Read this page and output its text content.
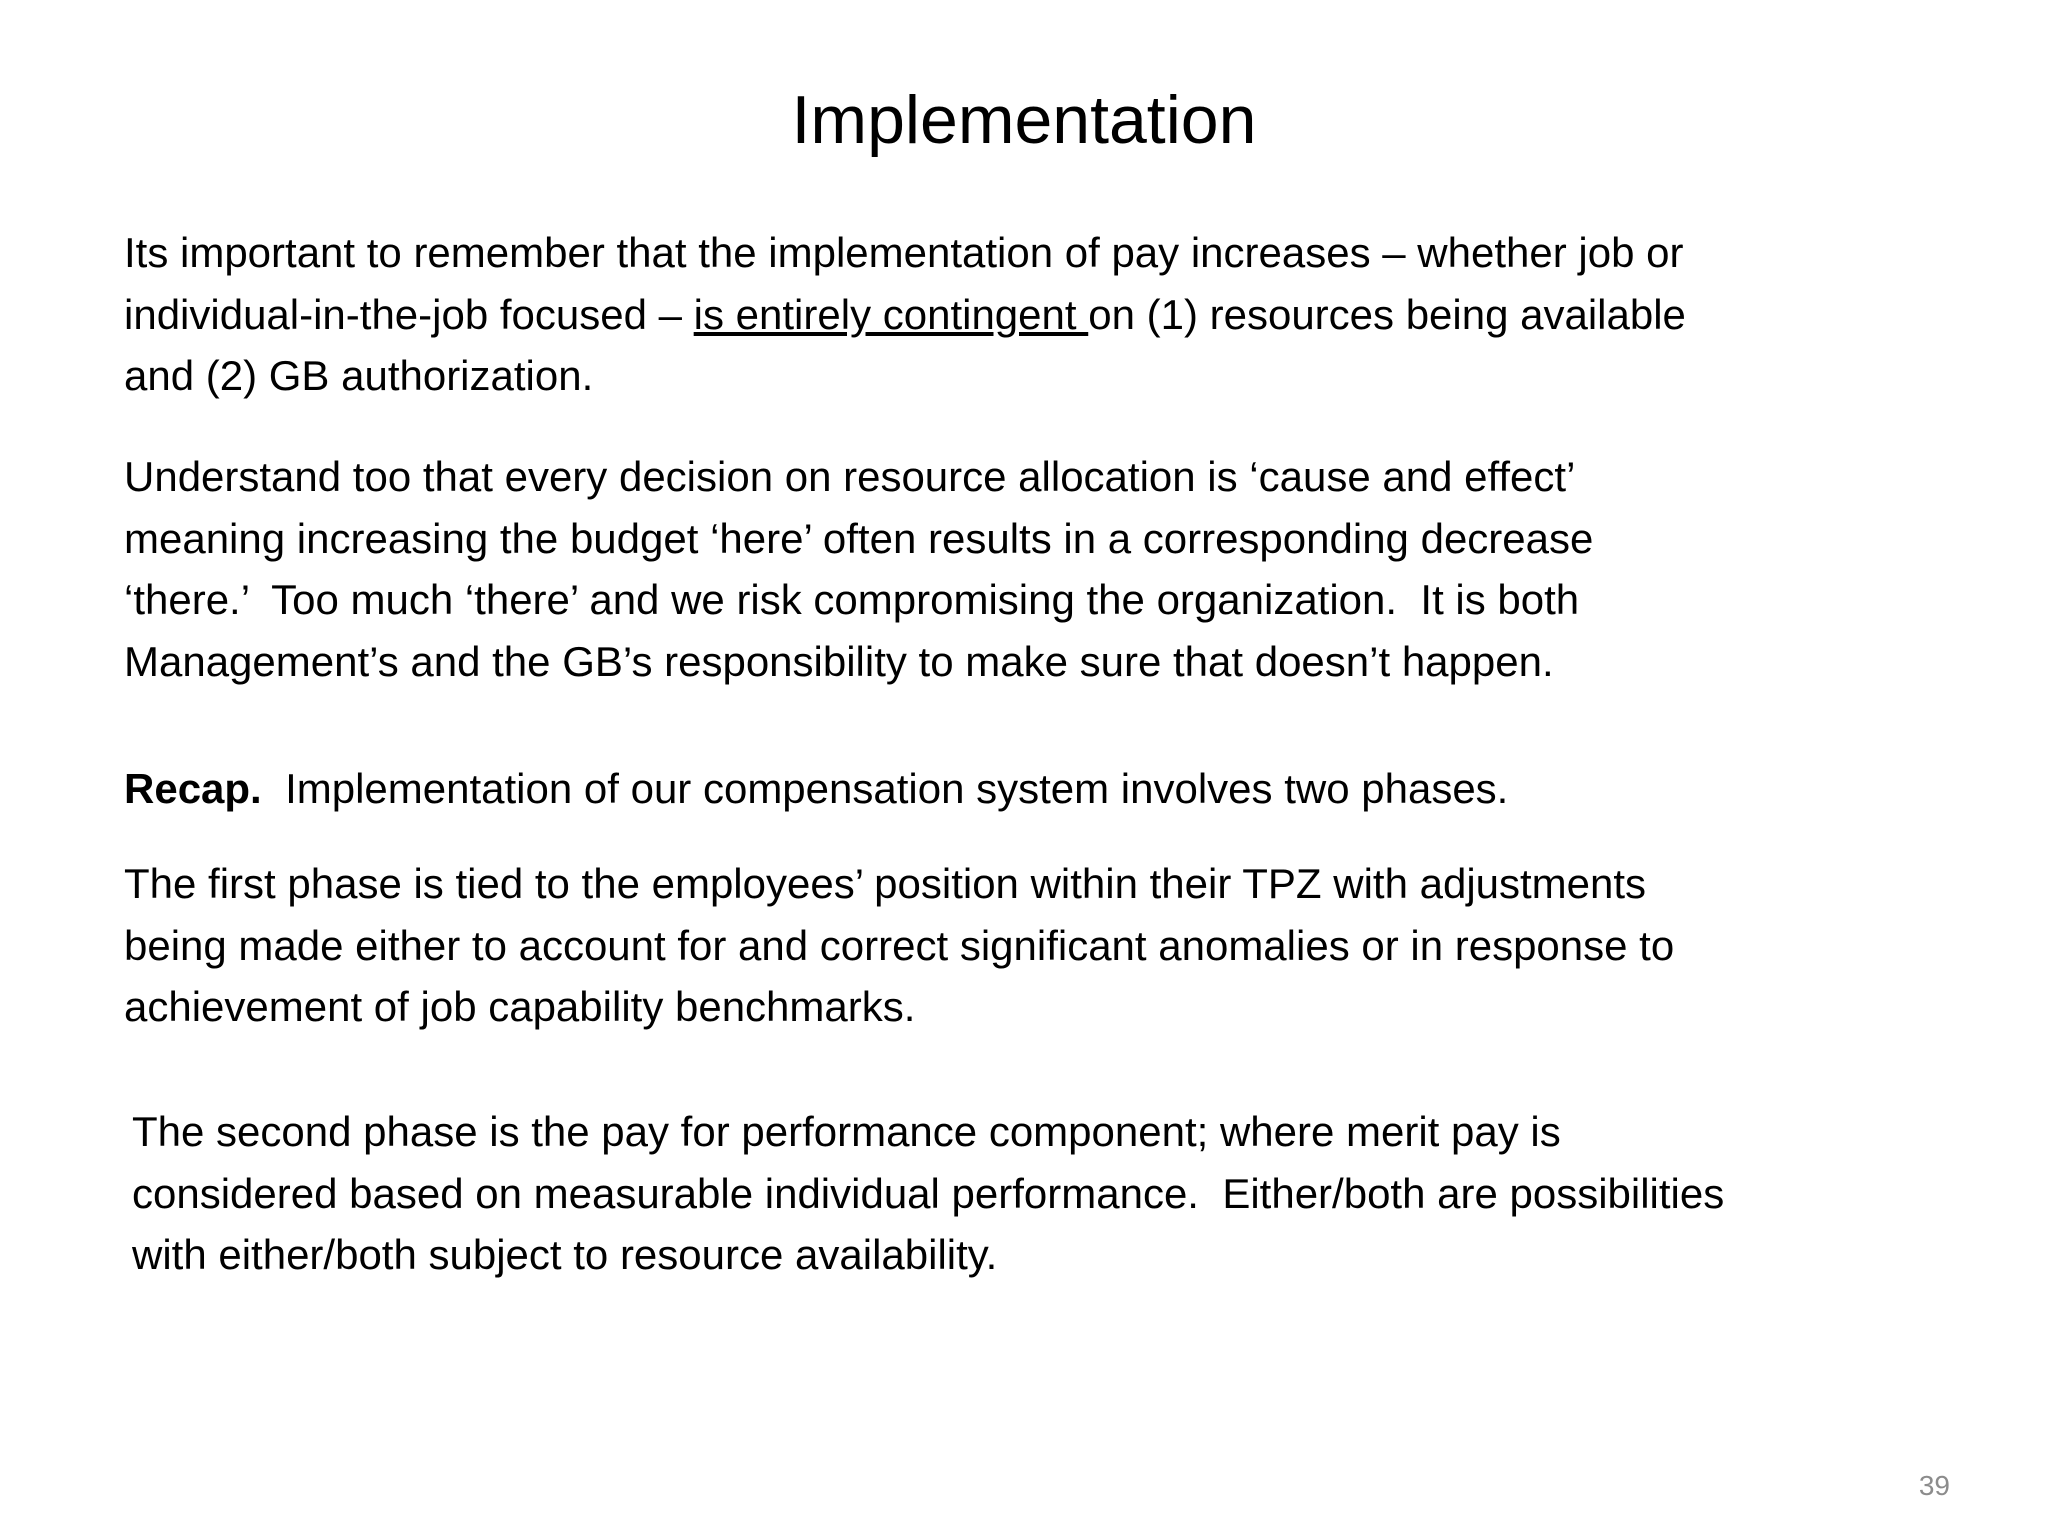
Implementation
Its important to remember that the implementation of pay increases – whether job or
individual-in-the-job focused – is entirely contingent on (1) resources being available
and (2) GB authorization.
Understand too that every decision on resource allocation is ‘cause and effect’
meaning increasing the budget ‘here’ often results in a corresponding decrease
‘there.’  Too much ‘there’ and we risk compromising the organization.  It is both
Management’s and the GB’s responsibility to make sure that doesn’t happen.
Recap.  Implementation of our compensation system involves two phases.
The first phase is tied to the employees’ position within their TPZ with adjustments
being made either to account for and correct significant anomalies or in response to
achievement of job capability benchmarks.
The second phase is the pay for performance component; where merit pay is
considered based on measurable individual performance.  Either/both are possibilities
with either/both subject to resource availability.
39
